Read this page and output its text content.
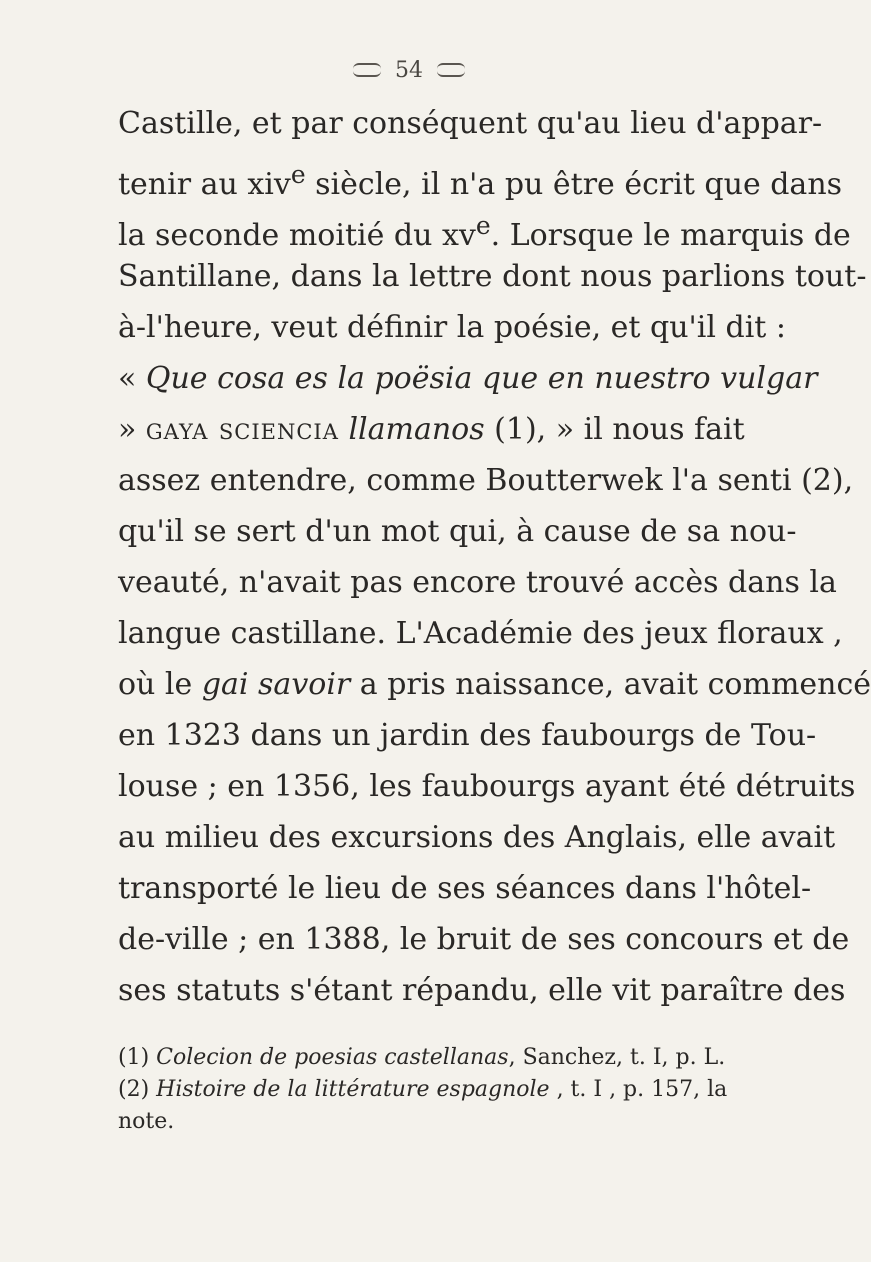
54
Castille, et par conséquent qu'au lieu d'appar-
tenir au xiv$^e$ siècle, il n'a pu être écrit que dans
la seconde moitié du $xv^e$. Lorsque le marquis de
Santillane, dans la lettre dont nous parlions tout-
à-l'heure, veut définir la poésie, et qu'il dit :
« Que cosa es la poësia que en nuestro vulgar
» gaya sciencia llamanos (1), » il nous fait
assez entendre, comme Boutterwek l'a senti (2),
qu'il se sert d'un mot qui, à cause de sa nou-
veauté, n'avait pas encore trouvé accès dans la
langue castillane. L'Académie des jeux floraux ,
où le gai savoir a pris naissance, avait commencé
en 1323 dans un jardin des faubourgs de Tou-
louse ; en 1356, les faubourgs ayant été détruits
au milieu des excursions des Anglais, elle avait
transporté le lieu de ses séances dans l'hôtel-
de-ville ; en 1388, le bruit de ses concours et de
ses statuts s'étant répandu, elle vit paraître des
(1) Colecion de poesias castellanas, Sanchez, t. I, p. L.
(2) Histoire de la littérature espagnole , t. I , p. 157, la
note.
